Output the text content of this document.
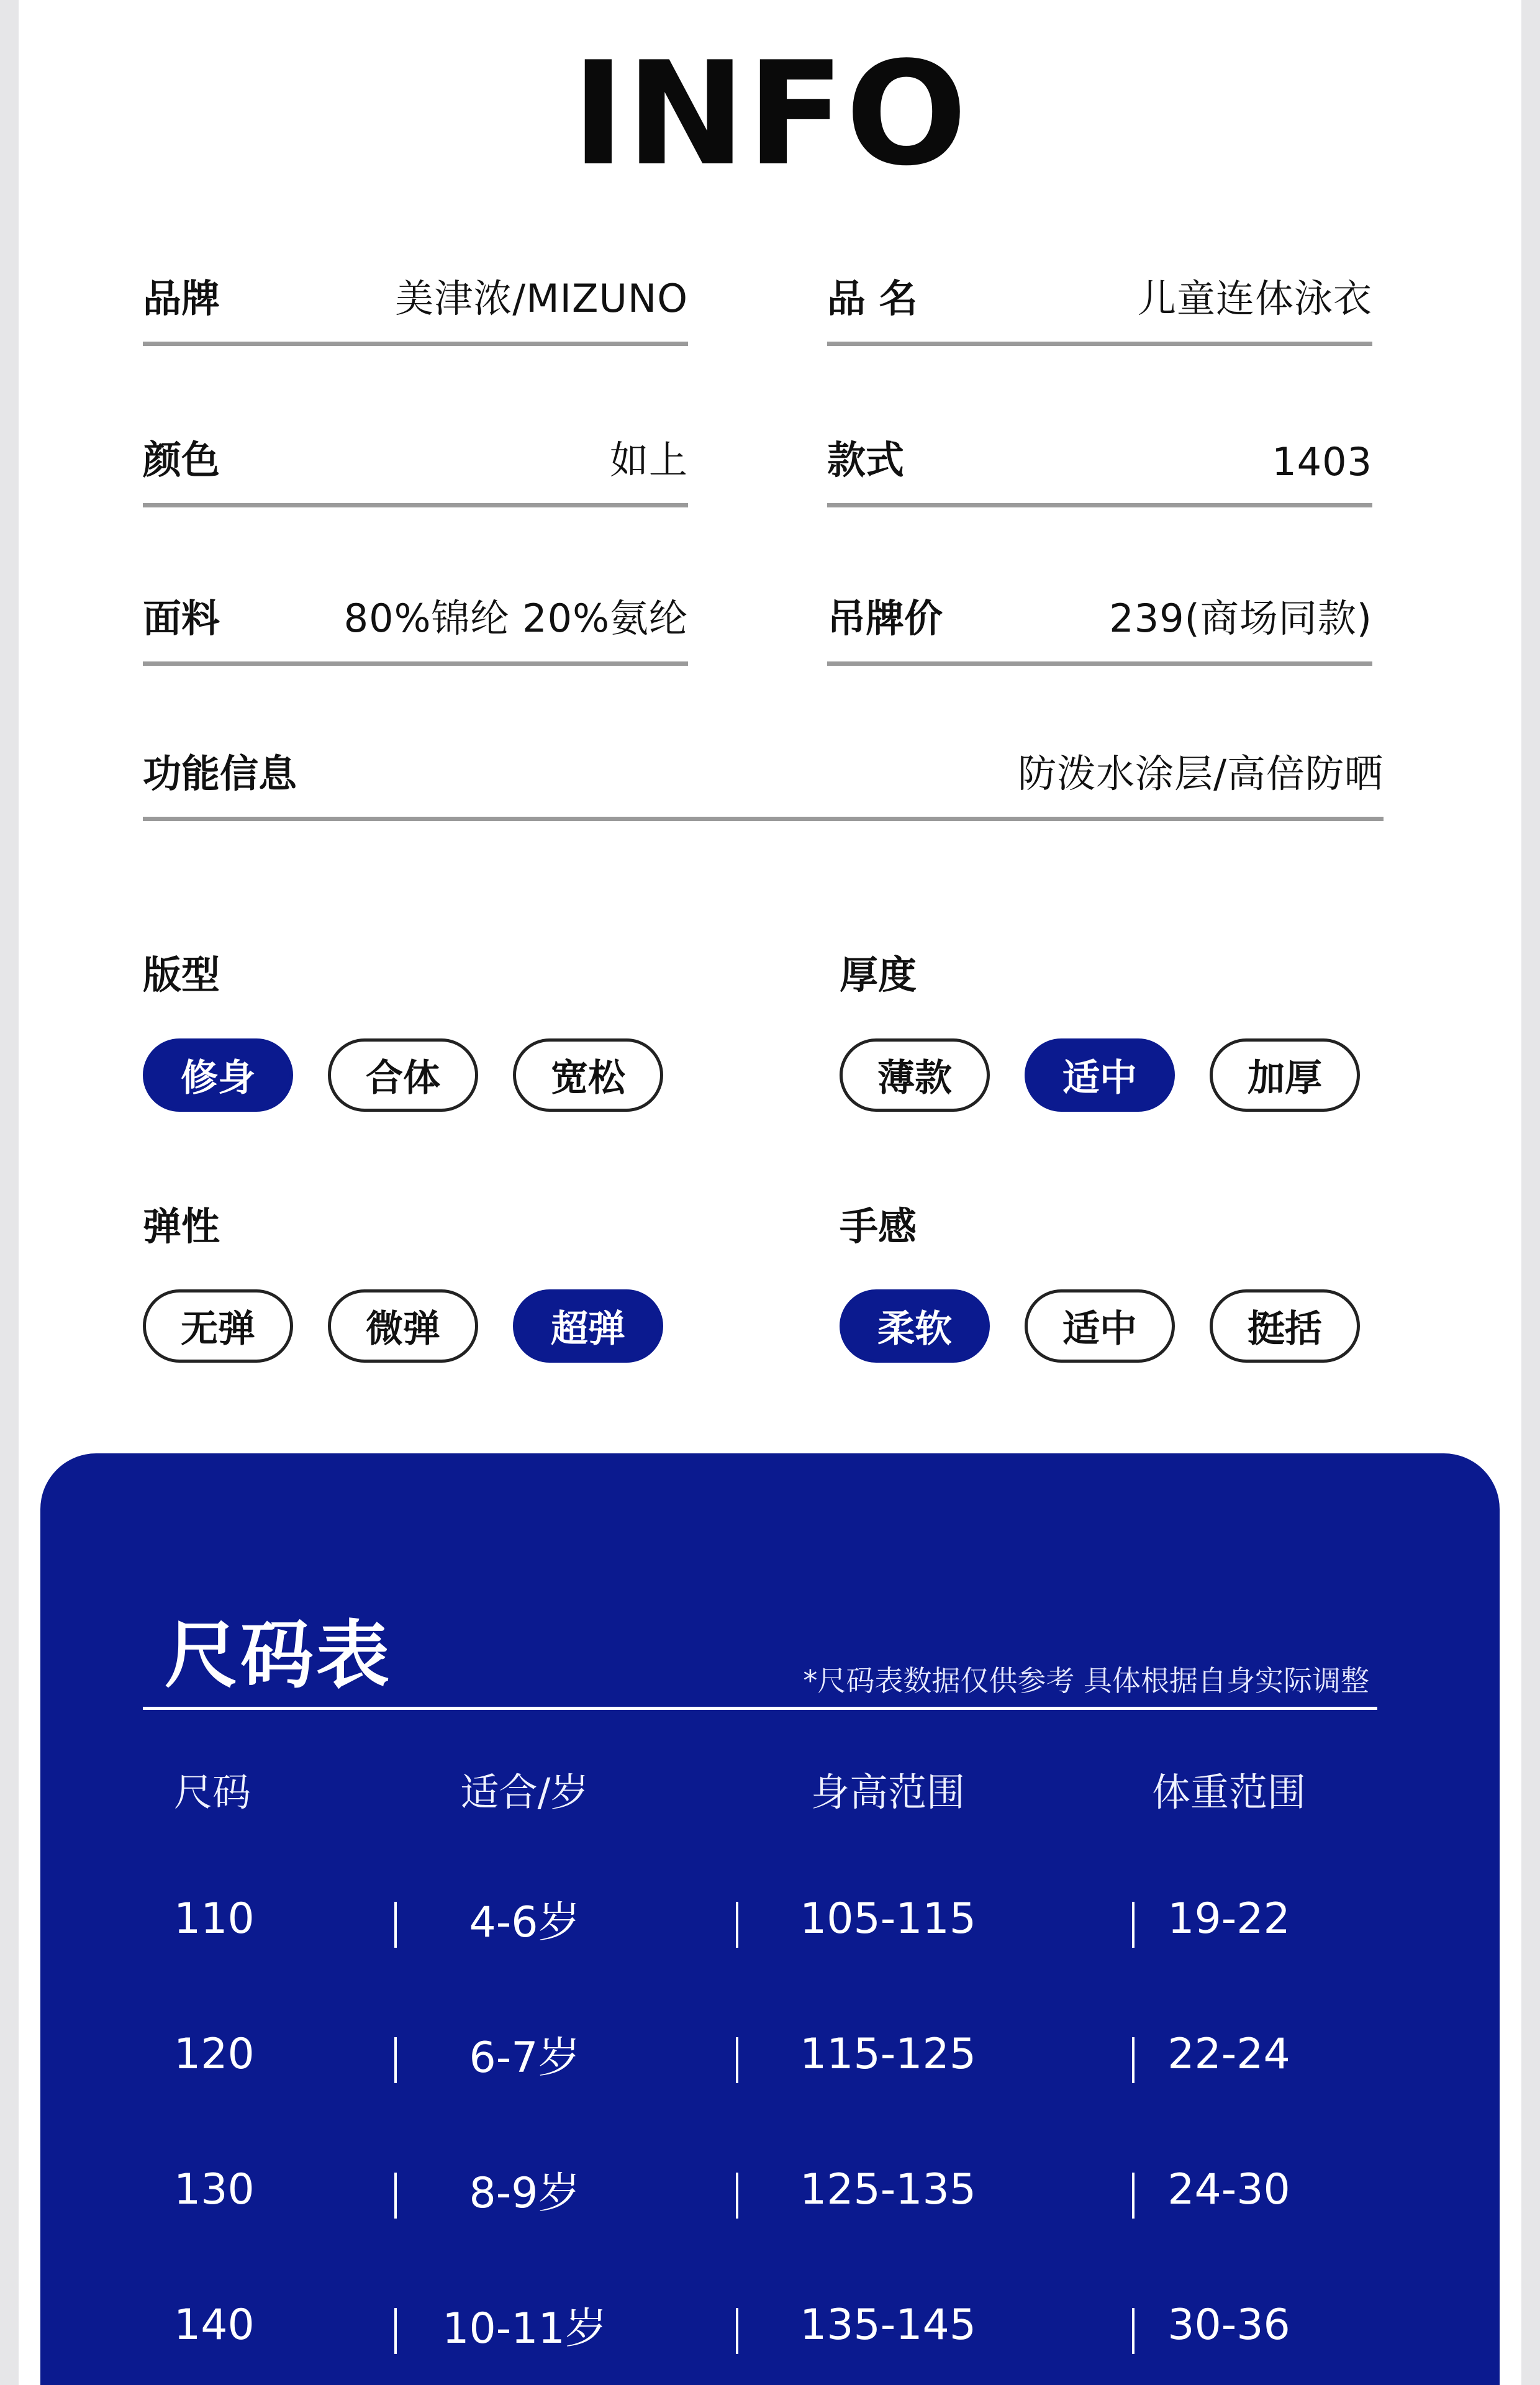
INFO
品牌	美津浓/MIZUNO	品 名	儿童连体泳衣
颜色	如上	款式	1403
面料	80%锦纶 20%氨纶	吊牌价	239(商场同款)
功能信息	防泼水涂层/高倍防晒
版型
修身	合体	宽松
厚度
薄款	适中	加厚
弹性
无弹	微弹	超弹
手感
柔软	适中	挺括
尺码表	*尺码表数据仅供参考 具体根据自身实际调整
尺码	适合/岁	身高范围	体重范围
110	4-6岁	105-115	19-22
120	6-7岁	115-125	22-24
130	8-9岁	125-135	24-30
140	10-11岁	135-145	30-36
